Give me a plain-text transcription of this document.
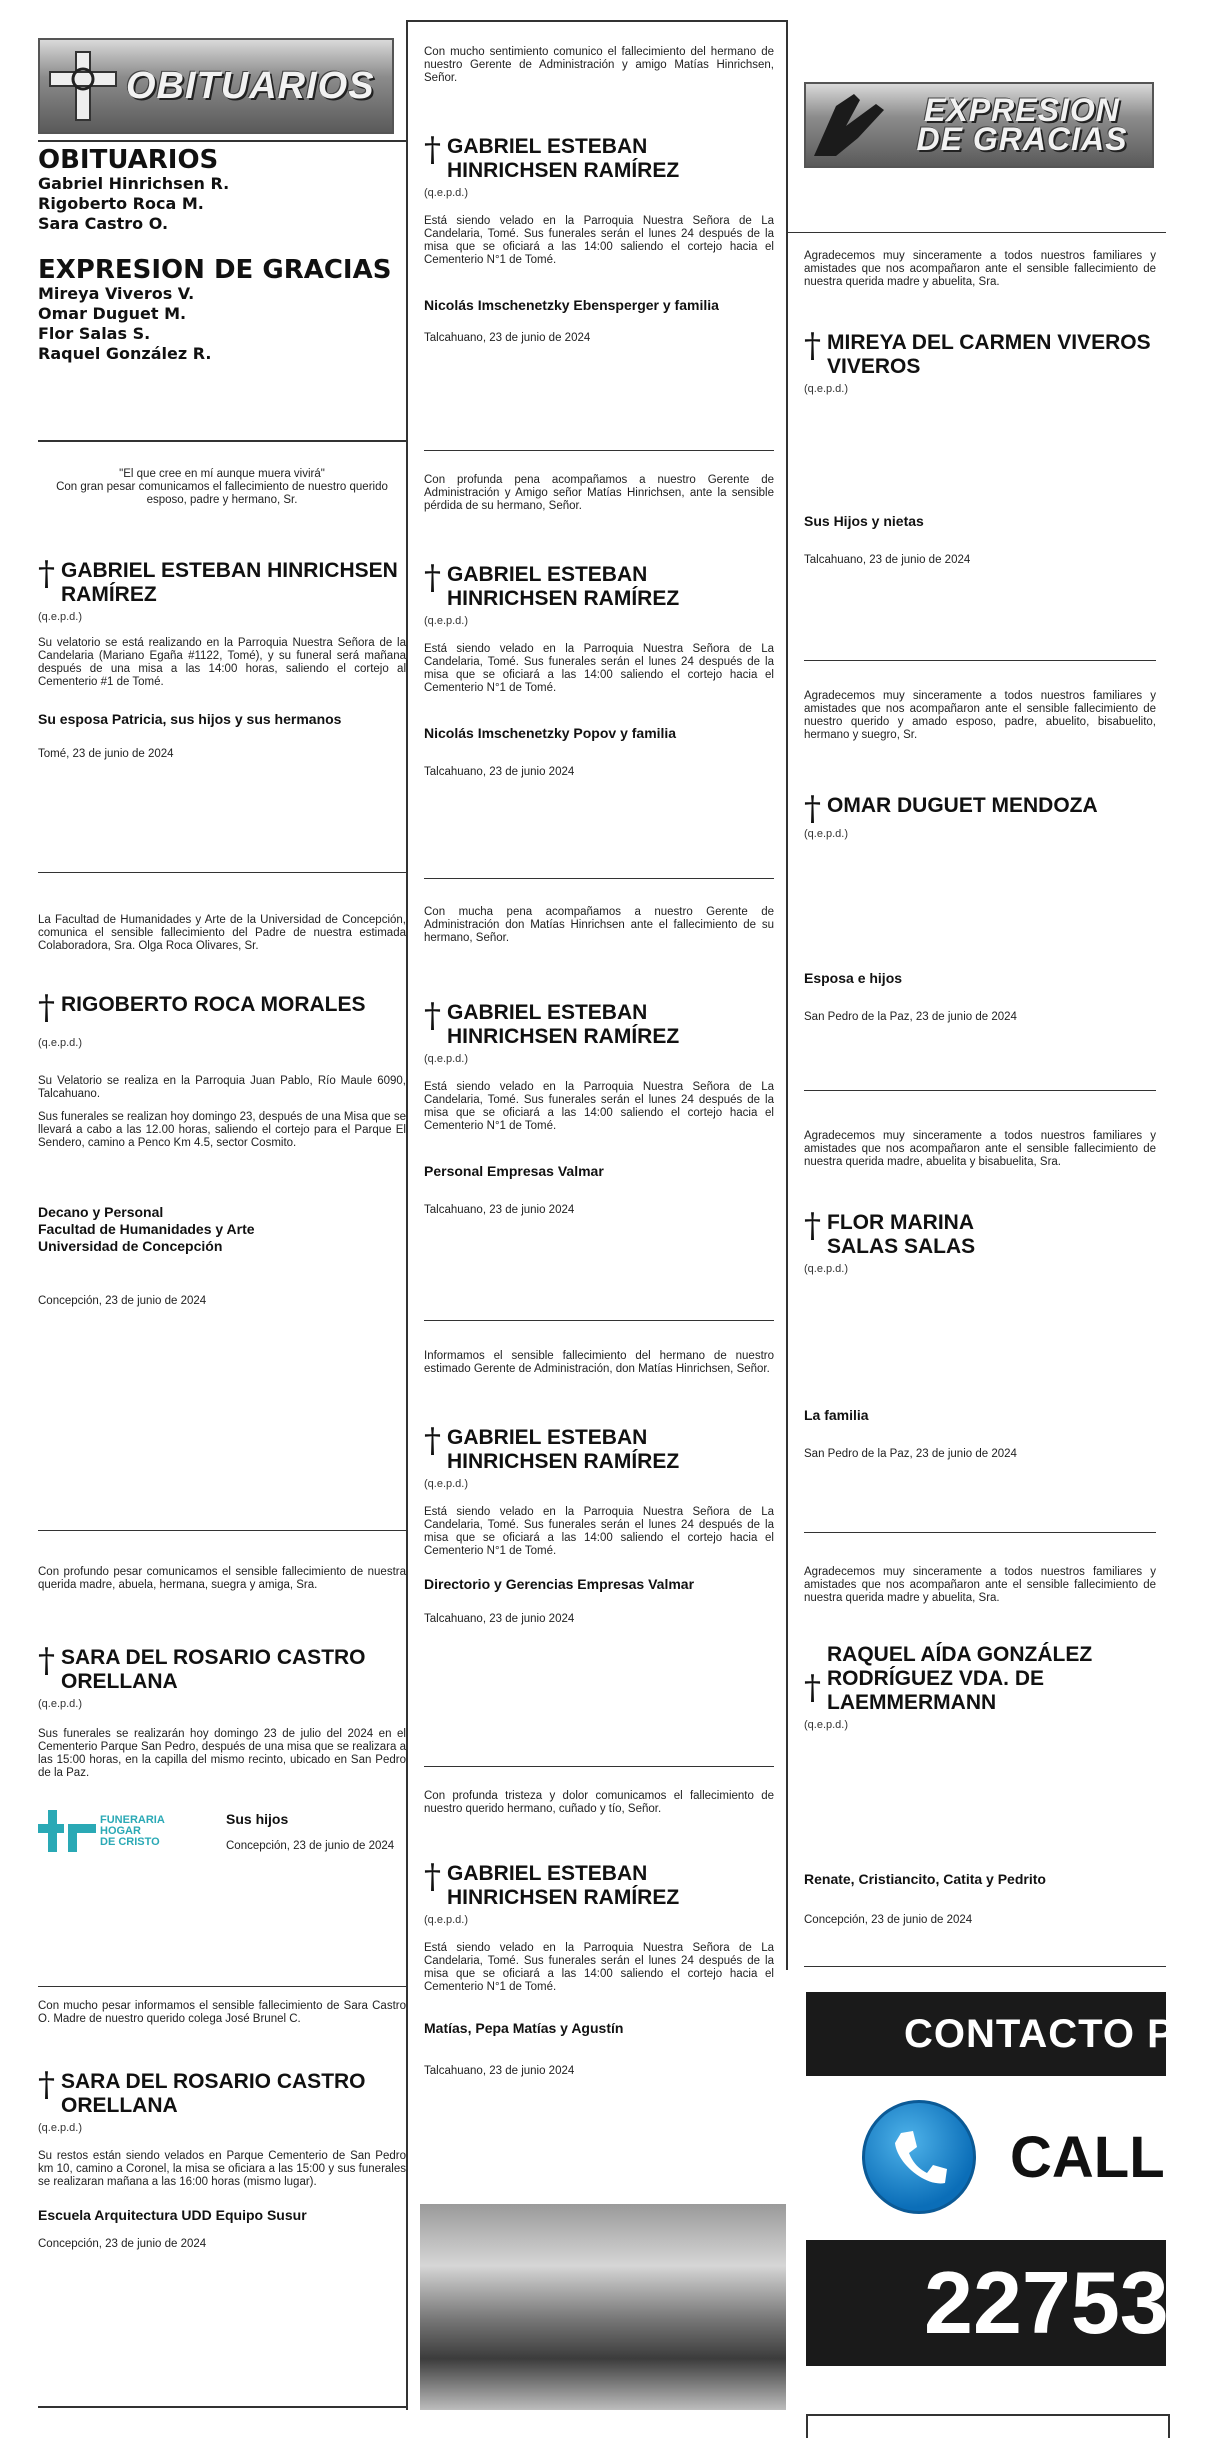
OBITUARIOS
OBITUARIOS
Gabriel Hinrichsen R.
Rigoberto Roca M.
Sara Castro O.
EXPRESION DE GRACIAS
Mireya Viveros V.
Omar Duguet M.
Flor Salas S.
Raquel González R.
"El que cree en mí aunque muera vivirá"
Con gran pesar comunicamos el fallecimiento de nuestro querido esposo, padre y hermano, Sr.
† GABRIEL ESTEBAN HINRICHSEN RAMÍREZ
(q.e.p.d.)
Su velatorio se está realizando en la Parroquia Nuestra Señora de la Candelaria (Mariano Egaña #1122, Tomé), y su funeral será mañana después de una misa a las 14:00 horas, saliendo el cortejo al Cementerio #1 de Tomé.
Su esposa Patricia, sus hijos y sus hermanos
Tomé, 23 de junio de 2024
La Facultad de Humanidades y Arte de la Universidad de Concepción, comunica el sensible fallecimiento del Padre de nuestra estimada Colaboradora, Sra. Olga Roca Olivares, Sr.
† RIGOBERTO ROCA MORALES
(q.e.p.d.)
Su Velatorio se realiza en la Parroquia Juan Pablo, Río Maule 6090, Talcahuano.
Sus funerales se realizan hoy domingo 23, después de una Misa que se llevará a cabo a las 12.00 horas, saliendo el cortejo para el Parque El Sendero, camino a Penco Km 4.5, sector Cosmito.
Decano y Personal
Facultad de Humanidades y Arte
Universidad de Concepción
Concepción, 23 de junio de 2024
Con profundo pesar comunicamos el sensible fallecimiento de nuestra querida madre, abuela, hermana, suegra y amiga, Sra.
† SARA DEL ROSARIO CASTRO ORELLANA
(q.e.p.d.)
Sus funerales se realizarán hoy domingo 23 de julio del 2024 en el Cementerio Parque San Pedro, después de una misa que se realizara a las 15:00 horas, en la capilla del mismo recinto, ubicado en San Pedro de la Paz.
FUNERARIA
HOGAR
DE CRISTO
Sus hijos
Concepción, 23 de junio de 2024
Con mucho pesar informamos el sensible fallecimiento de Sara Castro O. Madre de nuestro querido colega José Brunel C.
† SARA DEL ROSARIO CASTRO ORELLANA
(q.e.p.d.)
Su restos están siendo velados en Parque Cementerio de San Pedro km 10, camino a Coronel, la misa se oficiara a las 15:00 y sus funerales se realizaran mañana a las 16:00 horas (mismo lugar).
Escuela Arquitectura UDD Equipo Susur
Concepción, 23 de junio de 2024
Con mucho sentimiento comunico el fallecimiento del hermano de nuestro Gerente de Administración y amigo Matías Hinrichsen, Señor.
† GABRIEL ESTEBAN HINRICHSEN RAMÍREZ
(q.e.p.d.)
Está siendo velado en la Parroquia Nuestra Señora de La Candelaria, Tomé. Sus funerales serán el lunes 24 después de la misa que se oficiará a las 14:00 saliendo el cortejo hacia el Cementerio N°1 de Tomé.
Nicolás Imschenetzky Ebensperger y familia
Talcahuano, 23 de junio de 2024
Con profunda pena acompañamos a nuestro Gerente de Administración y Amigo señor Matías Hinrichsen, ante la sensible pérdida de su hermano, Señor.
† GABRIEL ESTEBAN HINRICHSEN RAMÍREZ
(q.e.p.d.)
Está siendo velado en la Parroquia Nuestra Señora de La Candelaria, Tomé. Sus funerales serán el lunes 24 después de la misa que se oficiará a las 14:00 saliendo el cortejo hacia el Cementerio N°1 de Tomé.
Nicolás Imschenetzky Popov y familia
Talcahuano, 23 de junio 2024
Con mucha pena acompañamos a nuestro Gerente de Administración don Matías Hinrichsen ante el fallecimiento de su hermano, Señor.
† GABRIEL ESTEBAN HINRICHSEN RAMÍREZ
(q.e.p.d.)
Está siendo velado en la Parroquia Nuestra Señora de La Candelaria, Tomé. Sus funerales serán el lunes 24 después de la misa que se oficiará a las 14:00 saliendo el cortejo hacia el Cementerio N°1 de Tomé.
Personal Empresas Valmar
Talcahuano, 23 de junio 2024
Informamos el sensible fallecimiento del hermano de nuestro estimado Gerente de Administración, don Matías Hinrichsen, Señor.
† GABRIEL ESTEBAN HINRICHSEN RAMÍREZ
(q.e.p.d.)
Está siendo velado en la Parroquia Nuestra Señora de La Candelaria, Tomé. Sus funerales serán el lunes 24 después de la misa que se oficiará a las 14:00 saliendo el cortejo hacia el Cementerio N°1 de Tomé.
Directorio y Gerencias Empresas Valmar
Talcahuano, 23 de junio 2024
Con profunda tristeza y dolor comunicamos el fallecimiento de nuestro querido hermano, cuñado y tío, Señor.
† GABRIEL ESTEBAN HINRICHSEN RAMÍREZ
(q.e.p.d.)
Está siendo velado en la Parroquia Nuestra Señora de La Candelaria, Tomé. Sus funerales serán el lunes 24 después de la misa que se oficiará a las 14:00 saliendo el cortejo hacia el Cementerio N°1 de Tomé.
Matías, Pepa Matías y Agustín
Talcahuano, 23 de junio 2024
EXPRESION DE GRACIAS
Agradecemos muy sinceramente a todos nuestros familiares y amistades que nos acompañaron ante el sensible fallecimiento de nuestra querida madre y abuelita, Sra.
† MIREYA DEL CARMEN VIVEROS VIVEROS
(q.e.p.d.)
Sus Hijos y nietas
Talcahuano, 23 de junio de 2024
Agradecemos muy sinceramente a todos nuestros familiares y amistades que nos acompañaron ante el sensible fallecimiento de nuestro querido y amado esposo, padre, abuelito, bisabuelito, hermano y suegro, Sr.
† OMAR DUGUET MENDOZA
(q.e.p.d.)
Esposa e hijos
San Pedro de la Paz, 23 de junio de 2024
Agradecemos muy sinceramente a todos nuestros familiares y amistades que nos acompañaron ante el sensible fallecimiento de nuestra querida madre, abuelita y bisabuelita, Sra.
† FLOR MARINA SALAS SALAS
(q.e.p.d.)
La familia
San Pedro de la Paz, 23 de junio de 2024
Agradecemos muy sinceramente a todos nuestros familiares y amistades que nos acompañaron ante el sensible fallecimiento de nuestra querida madre y abuelita, Sra.
†
RAQUEL AÍDA GONZÁLEZ RODRÍGUEZ VDA. DE LAEMMERMANN
(q.e.p.d.)
Renate, Cristiancito, Catita y Pedrito
Concepción, 23 de junio de 2024
CONTACTO PU
CALL
227534
